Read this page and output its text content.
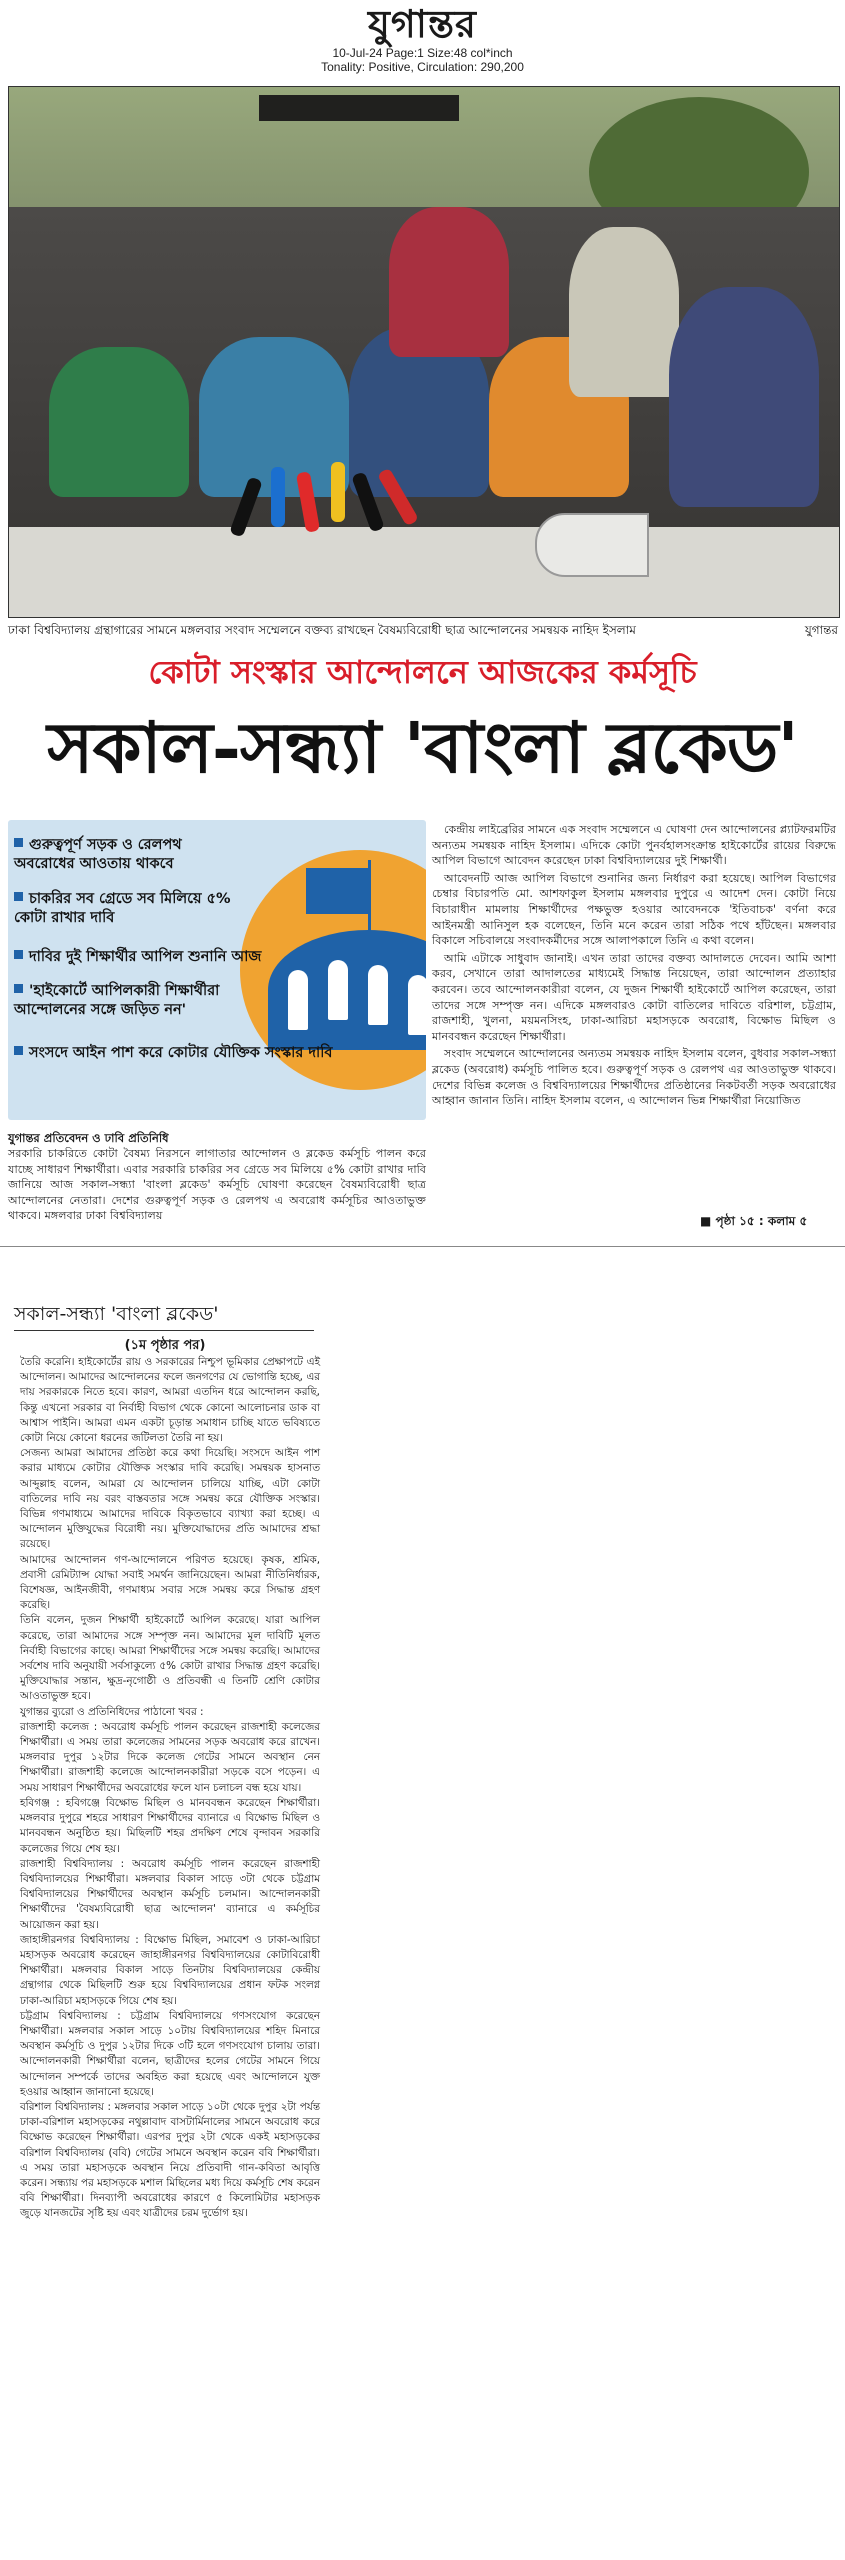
যুগান্তর
10-Jul-24 Page:1 Size:48 col*inch
Tonality: Positive, Circulation: 290,200
ঢাকা বিশ্ববিদ্যালয় গ্রন্থাগারের সামনে মঙ্গলবার সংবাদ সম্মেলনে বক্তব্য রাখছেন বৈষম্যবিরোধী ছাত্র আন্দোলনের সমন্বয়ক নাহিদ ইসলাম	যুগান্তর
কোটা সংস্কার আন্দোলনে আজকের কর্মসূচি
সকাল-সন্ধ্যা 'বাংলা ব্লকেড'
গুরুত্বপূর্ণ সড়ক ও রেলপথ অবরোধের আওতায় থাকবে
চাকরির সব গ্রেডে সব মিলিয়ে ৫% কোটা রাখার দাবি
দাবির দুই শিক্ষার্থীর আপিল শুনানি আজ
'হাইকোর্টে আপিলকারী শিক্ষার্থীরা আন্দোলনের সঙ্গে জড়িত নন'
সংসদে আইন পাশ করে কোটার যৌক্তিক সংস্কার দাবি
যুগান্তর প্রতিবেদন ও ঢাবি প্রতিনিধি
সরকারি চাকরিতে কোটা বৈষম্য নিরসনে লাগাতার আন্দোলন ও ব্লকেড কর্মসূচি পালন করে যাচ্ছে সাধারণ শিক্ষার্থীরা। এবার সরকারি চাকরির সব গ্রেডে সব মিলিয়ে ৫% কোটা রাখার দাবি জানিয়ে আজ সকাল-সন্ধ্যা 'বাংলা ব্লকেড' কর্মসূচি ঘোষণা করেছেন বৈষম্যবিরোধী ছাত্র আন্দোলনের নেতারা। দেশের গুরুত্বপূর্ণ সড়ক ও রেলপথ এ অবরোধ কর্মসূচির আওতাভুক্ত থাকবে। মঙ্গলবার ঢাকা বিশ্ববিদ্যালয়

কেন্দ্রীয় লাইব্রেরির সামনে এক সংবাদ সম্মেলনে এ ঘোষণা দেন আন্দোলনের প্ল্যাটফরমটির অন্যতম সমন্বয়ক নাহিদ ইসলাম। এদিকে কোটা পুনর্বহালসংক্রান্ত হাইকোর্টের রায়ের বিরুদ্ধে আপিল বিভাগে আবেদন করেছেন ঢাকা বিশ্ববিদ্যালয়ের দুই শিক্ষার্থী।

আবেদনটি আজ আপিল বিভাগে শুনানির জন্য নির্ধারণ করা হয়েছে। আপিল বিভাগের চেম্বার বিচারপতি মো. আশফাকুল ইসলাম মঙ্গলবার দুপুরে এ আদেশ দেন। কোটা নিয়ে বিচারাধীন মামলায় শিক্ষার্থীদের পক্ষভুক্ত হওয়ার আবেদনকে 'ইতিবাচক' বর্ণনা করে আইনমন্ত্রী আনিসুল হক বলেছেন, তিনি মনে করেন তারা সঠিক পথে হাঁটছেন। মঙ্গলবার বিকালে সচিবালয়ে সংবাদকর্মীদের সঙ্গে আলাপকালে তিনি এ কথা বলেন।

আমি এটাকে সাধুবাদ জানাই। এখন তারা তাদের বক্তব্য আদালতে দেবেন। আমি আশা করব, সেখানে তারা আদালতের মাধ্যমেই সিদ্ধান্ত নিয়েছেন, তারা আন্দোলন প্রত্যাহার করবেন। তবে আন্দোলনকারীরা বলেন, যে দুজন শিক্ষার্থী হাইকোর্টে আপিল করেছেন, তারা তাদের সঙ্গে সম্পৃক্ত নন। এদিকে মঙ্গলবারও কোটা বাতিলের দাবিতে বরিশাল, চট্টগ্রাম, রাজশাহী, খুলনা, ময়মনসিংহ, ঢাকা-আরিচা মহাসড়কে অবরোধ, বিক্ষোভ মিছিল ও মানববন্ধন করেছেন শিক্ষার্থীরা।

সংবাদ সম্মেলনে আন্দোলনের অন্যতম সমন্বয়ক নাহিদ ইসলাম বলেন, বুধবার সকাল-সন্ধ্যা ব্লকেড (অবরোধ) কর্মসূচি পালিত হবে। গুরুত্বপূর্ণ সড়ক ও রেলপথ এর আওতাভুক্ত থাকবে। দেশের বিভিন্ন কলেজ ও বিশ্ববিদ্যালয়ের শিক্ষার্থীদের প্রতিষ্ঠানের নিকটবর্তী সড়ক অবরোধের আহ্বান জানান তিনি। নাহিদ ইসলাম বলেন, এ আন্দোলন ভিন্ন শিক্ষার্থীরা নিয়োজিত

■ পৃষ্ঠা ১৫ : কলাম ৫
সকাল-সন্ধ্যা 'বাংলা ব্লকেড'
(১ম পৃষ্ঠার পর)

তৈরি করেনি। হাইকোর্টের রায় ও সরকারের নিশ্চুপ ভূমিকার প্রেক্ষাপটে এই আন্দোলন। আমাদের আন্দোলনের ফলে জনগণের যে ভোগান্তি হচ্ছে, এর দায় সরকারকে নিতে হবে। কারণ, আমরা এতদিন ধরে আন্দোলন করছি, কিন্তু এখনো সরকার বা নির্বাহী বিভাগ থেকে কোনো আলোচনার ডাক বা আশ্বাস পাইনি। আমরা এমন একটা চূড়ান্ত সমাধান চাচ্ছি যাতে ভবিষ্যতে কোটা নিয়ে কোনো ধরনের জটিলতা তৈরি না হয়।

সেজন্য আমরা আমাদের প্রতিষ্ঠা করে কথা দিয়েছি। সংসদে আইন পাশ করার মাধ্যমে কোটার যৌক্তিক সংস্কার দাবি করেছি। সমন্বয়ক হাসনাত আব্দুল্লাহ বলেন, আমরা যে আন্দোলন চালিয়ে যাচ্ছি, এটা কোটা বাতিলের দাবি নয় বরং বাস্তবতার সঙ্গে সমন্বয় করে যৌক্তিক সংস্কার। বিভিন্ন গণমাধ্যমে আমাদের দাবিকে বিকৃতভাবে ব্যাখ্যা করা হচ্ছে। এ আন্দোলন মুক্তিযুদ্ধের বিরোধী নয়। মুক্তিযোদ্ধাদের প্রতি আমাদের শ্রদ্ধা রয়েছে।

আমাদের আন্দোলন গণ-আন্দোলনে পরিণত হয়েছে। কৃষক, শ্রমিক, প্রবাসী রেমিট্যান্স যোদ্ধা সবাই সমর্থন জানিয়েছেন। আমরা নীতিনির্ধারক, বিশেষজ্ঞ, আইনজীবী, গণমাধ্যম সবার সঙ্গে সমন্বয় করে সিদ্ধান্ত গ্রহণ করেছি।

তিনি বলেন, দুজন শিক্ষার্থী হাইকোর্টে আপিল করেছে। যারা আপিল করেছে, তারা আমাদের সঙ্গে সম্পৃক্ত নন। আমাদের মূল দাবিটি মূলত নির্বাহী বিভাগের কাছে। আমরা শিক্ষার্থীদের সঙ্গে সমন্বয় করেছি। আমাদের সর্বশেষ দাবি অনুযায়ী সর্বসাকুল্যে ৫% কোটা রাখার সিদ্ধান্ত গ্রহণ করেছি। মুক্তিযোদ্ধার সন্তান, ক্ষুদ্র-নৃগোষ্ঠী ও প্রতিবন্ধী এ তিনটি শ্রেণি কোটার আওতাভুক্ত হবে।

যুগান্তর ব্যুরো ও প্রতিনিধিদের পাঠানো খবর :

রাজশাহী কলেজ : অবরোধ কর্মসূচি পালন করেছেন রাজশাহী কলেজের শিক্ষার্থীরা। এ সময় তারা কলেজের সামনের সড়ক অবরোধ করে রাখেন। মঙ্গলবার দুপুর ১২টার দিকে কলেজ গেটের সামনে অবস্থান নেন শিক্ষার্থীরা। রাজশাহী কলেজে আন্দোলনকারীরা সড়কে বসে পড়েন। এ সময় সাধারণ শিক্ষার্থীদের অবরোধের ফলে যান চলাচল বন্ধ হয়ে যায়।

হবিগঞ্জ : হবিগঞ্জে বিক্ষোভ মিছিল ও মানববন্ধন করেছেন শিক্ষার্থীরা। মঙ্গলবার দুপুরে শহরে সাধারণ শিক্ষার্থীদের ব্যানারে এ বিক্ষোভ মিছিল ও মানববন্ধন অনুষ্ঠিত হয়। মিছিলটি শহর প্রদক্ষিণ শেষে বৃন্দাবন সরকারি কলেজের গিয়ে শেষ হয়।

রাজশাহী বিশ্ববিদ্যালয় : অবরোধ কর্মসূচি পালন করেছেন রাজশাহী বিশ্ববিদ্যালয়ের শিক্ষার্থীরা। মঙ্গলবার বিকাল সাড়ে ৩টা থেকে চট্টগ্রাম বিশ্ববিদ্যালয়ের শিক্ষার্থীদের অবস্থান কর্মসূচি চলমান। আন্দোলনকারী শিক্ষার্থীদের 'বৈষম্যবিরোধী ছাত্র আন্দোলন' ব্যানারে এ কর্মসূচির আয়োজন করা হয়।

জাহাঙ্গীরনগর বিশ্ববিদ্যালয় : বিক্ষোভ মিছিল, সমাবেশ ও ঢাকা-আরিচা মহাসড়ক অবরোধ করেছেন জাহাঙ্গীরনগর বিশ্ববিদ্যালয়ের কোটাবিরোধী শিক্ষার্থীরা। মঙ্গলবার বিকাল সাড়ে তিনটায় বিশ্ববিদ্যালয়ের কেন্দ্রীয় গ্রন্থাগার থেকে মিছিলটি শুরু হয়ে বিশ্ববিদ্যালয়ের প্রধান ফটক সংলগ্ন ঢাকা-আরিচা মহাসড়কে গিয়ে শেষ হয়।

চট্টগ্রাম বিশ্ববিদ্যালয় : চট্টগ্রাম বিশ্ববিদ্যালয়ে গণসংযোগ করেছেন শিক্ষার্থীরা। মঙ্গলবার সকাল সাড়ে ১০টায় বিশ্ববিদ্যালয়ের শহিদ মিনারে অবস্থান কর্মসূচি ও দুপুর ১২টার দিকে ৩টি হলে গণসংযোগ চালায় তারা। আন্দোলনকারী শিক্ষার্থীরা বলেন, ছাত্রীদের হলের গেটের সামনে গিয়ে আন্দোলন সম্পর্কে তাদের অবহিত করা হয়েছে এবং আন্দোলনে যুক্ত হওয়ার আহ্বান জানানো হয়েছে।

বরিশাল বিশ্ববিদ্যালয় : মঙ্গলবার সকাল সাড়ে ১০টা থেকে দুপুর ২টা পর্যন্ত ঢাকা-বরিশাল মহাসড়কের নথুল্লাবাদ বাসটার্মিনালের সামনে অবরোধ করে বিক্ষোভ করেছেন শিক্ষার্থীরা। এরপর দুপুর ২টা থেকে একই মহাসড়কের বরিশাল বিশ্ববিদ্যালয় (ববি) গেটের সামনে অবস্থান করেন ববি শিক্ষার্থীরা। এ সময় তারা মহাসড়কে অবস্থান নিয়ে প্রতিবাদী গান-কবিতা আবৃত্তি করেন। সন্ধ্যায় পর মহাসড়কে মশাল মিছিলের মধ্য দিয়ে কর্মসূচি শেষ করেন ববি শিক্ষার্থীরা। দিনব্যাপী অবরোধের কারণে ৫ কিলোমিটার মহাসড়ক জুড়ে যানজটের সৃষ্টি হয় এবং যাত্রীদের চরম দুর্ভোগ হয়।
